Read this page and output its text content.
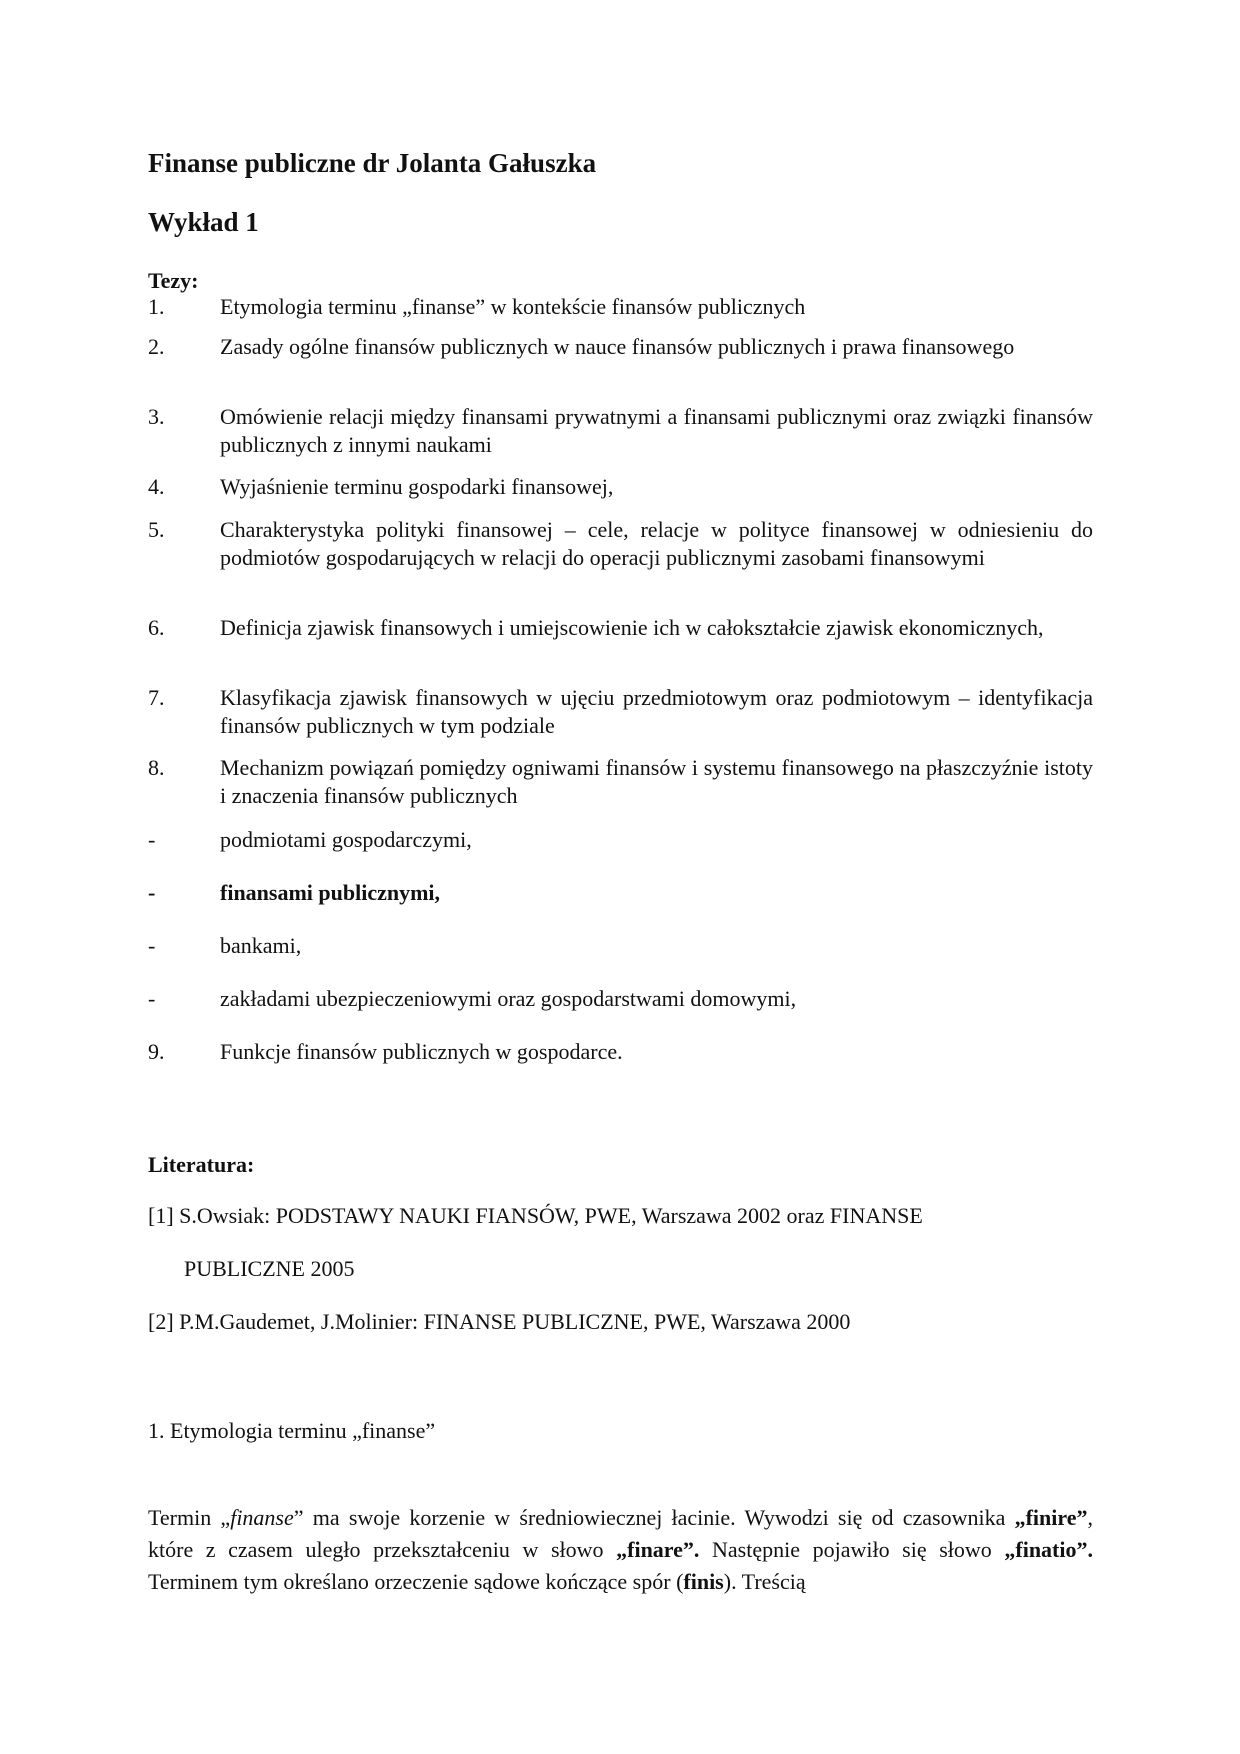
Finanse publiczne dr Jolanta Gałuszka
Wykład 1
Tezy:
1.	Etymologia terminu „finanse” w kontekście finansów publicznych
2.	Zasady ogólne finansów publicznych w nauce finansów publicznych i prawa finansowego
3.	Omówienie relacji między finansami prywatnymi a finansami publicznymi oraz związki finansów publicznych z innymi naukami
4.	Wyjaśnienie terminu gospodarki finansowej,
5.	Charakterystyka polityki finansowej – cele, relacje w polityce finansowej w odniesieniu do podmiotów gospodarujących w relacji do operacji publicznymi zasobami finansowymi
6.	Definicja zjawisk finansowych i umiejscowienie ich w całokształcie zjawisk ekonomicznych,
7.	Klasyfikacja zjawisk finansowych w ujęciu przedmiotowym oraz podmiotowym – identyfikacja finansów publicznych w tym podziale
8.	Mechanizm powiązań pomiędzy ogniwami finansów i systemu finansowego na płaszczyźnie istoty i znaczenia finansów publicznych
-	podmiotami gospodarczymi,
-	finansami publicznymi,
-	bankami,
-	zakładami ubezpieczeniowymi oraz gospodarstwami domowymi,
9.	Funkcje finansów publicznych w gospodarce.
Literatura:
[1] S.Owsiak: PODSTAWY NAUKI FIANSÓW, PWE, Warszawa 2002 oraz FINANSE
PUBLICZNE 2005
[2] P.M.Gaudemet, J.Molinier: FINANSE PUBLICZNE, PWE, Warszawa 2000
1. Etymologia terminu „finanse”
Termin „finanse” ma swoje korzenie w średniowiecznej łacinie. Wywodzi się od czasownika „finire”, które z czasem uległo przekształceniu w słowo „finare”. Następnie pojawiło się słowo „finatio”. Terminem tym określano orzeczenie sądowe kończące spór (finis). Treścią
